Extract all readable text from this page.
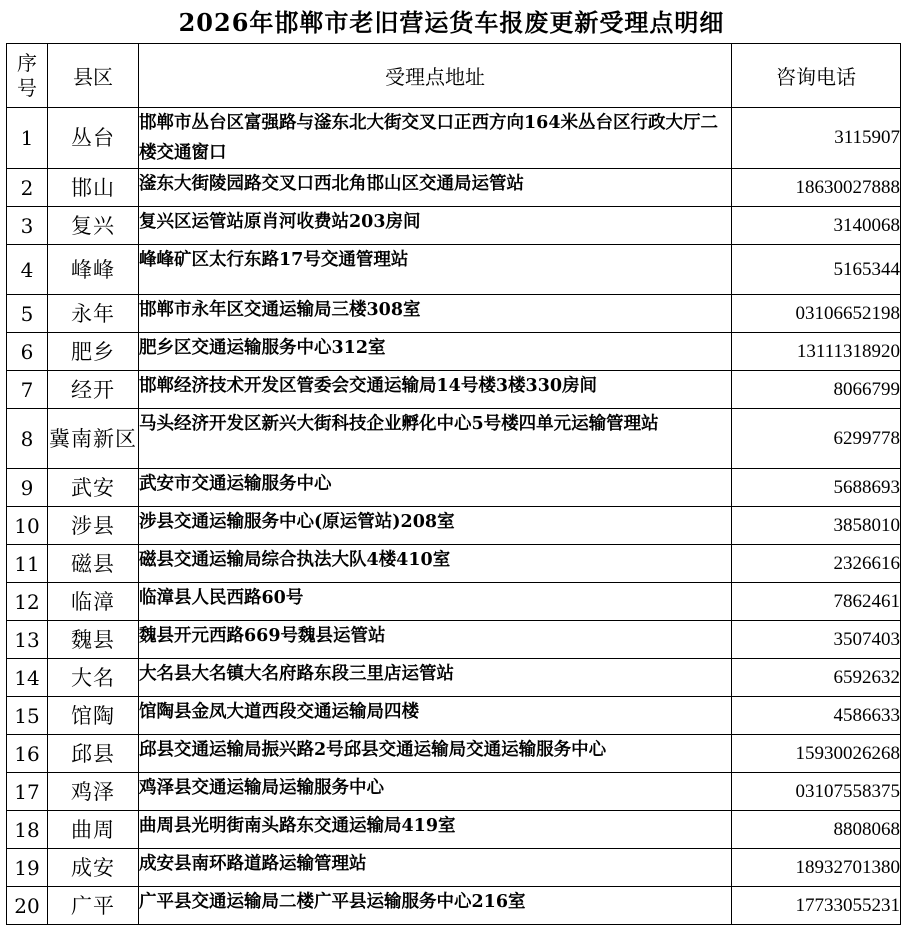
2026年邯郸市老旧营运货车报废更新受理点明细
序
号	县区	受理点地址	咨询电话
1	丛台	邯郸市丛台区富强路与滏东北大街交叉口正西方向164米丛台区行政大厅二楼交通窗口	3115907
2	邯山	滏东大街陵园路交叉口西北角邯山区交通局运管站	18630027888
3	复兴	复兴区运管站原肖河收费站203房间	3140068
4	峰峰	峰峰矿区太行东路17号交通管理站	5165344
5	永年	邯郸市永年区交通运输局三楼308室	03106652198
6	肥乡	肥乡区交通运输服务中心312室	13111318920
7	经开	邯郸经济技术开发区管委会交通运输局14号楼3楼330房间	8066799
8	冀南新区	马头经济开发区新兴大街科技企业孵化中心5号楼四单元运输管理站	6299778
9	武安	武安市交通运输服务中心	5688693
10	涉县	涉县交通运输服务中心(原运管站)208室	3858010
11	磁县	磁县交通运输局综合执法大队4楼410室	2326616
12	临漳	临漳县人民西路60号	7862461
13	魏县	魏县开元西路669号魏县运管站	3507403
14	大名	大名县大名镇大名府路东段三里店运管站	6592632
15	馆陶	馆陶县金凤大道西段交通运输局四楼	4586633
16	邱县	邱县交通运输局振兴路2号邱县交通运输局交通运输服务中心	15930026268
17	鸡泽	鸡泽县交通运输局运输服务中心	03107558375
18	曲周	曲周县光明街南头路东交通运输局419室	8808068
19	成安	成安县南环路道路运输管理站	18932701380
20	广平	广平县交通运输局二楼广平县运输服务中心216室	17733055231
